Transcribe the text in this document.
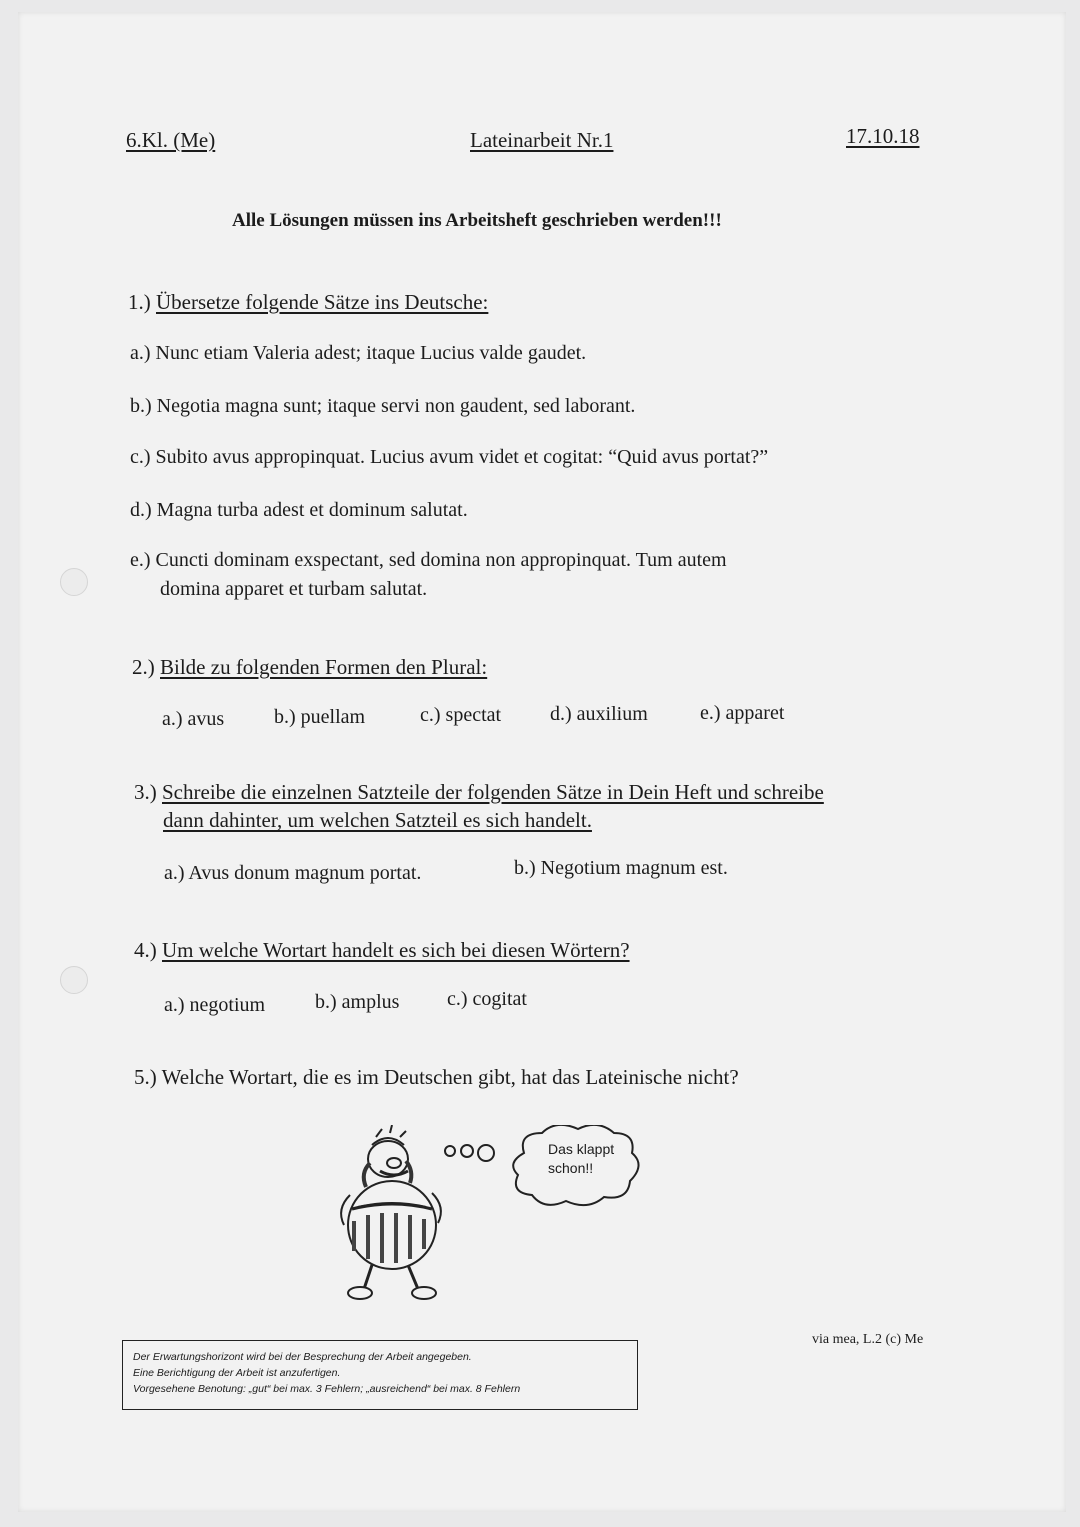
6.Kl. (Me)	Lateinarbeit Nr.1	17.10.18
Alle Lösungen müssen ins Arbeitsheft geschrieben werden!!!
1.) Übersetze folgende Sätze ins Deutsche:
a.) Nunc etiam Valeria adest; itaque Lucius valde gaudet.
b.) Negotia magna sunt; itaque servi non gaudent, sed laborant.
c.) Subito avus appropinquat. Lucius avum videt et cogitat: “Quid avus portat?”
d.) Magna turba adest et dominum salutat.
e.) Cuncti dominam exspectant, sed domina non appropinquat. Tum autem
domina apparet et turbam salutat.
2.) Bilde zu folgenden Formen den Plural:
a.) avus b.) puellam	c.) spectat d.) auxilium	e.) apparet
3.) Schreibe die einzelnen Satzteile der folgenden Sätze in Dein Heft und schreibe
dann dahinter, um welchen Satzteil es sich handelt.
a.) Avus donum magnum portat.	b.) Negotium magnum est.
4.) Um welche Wortart handelt es sich bei diesen Wörtern?
a.) negotium b.) amplus c.) cogitat
5.) Welche Wortart, die es im Deutschen gibt, hat das Lateinische nicht?
Das klappt
schon!!
via mea, L.2 (c) Me
Der Erwartungshorizont wird bei der Besprechung der Arbeit angegeben.
Eine Berichtigung der Arbeit ist anzufertigen.
Vorgesehene Benotung: „gut“ bei max. 3 Fehlern; „ausreichend“ bei max. 8 Fehlern
